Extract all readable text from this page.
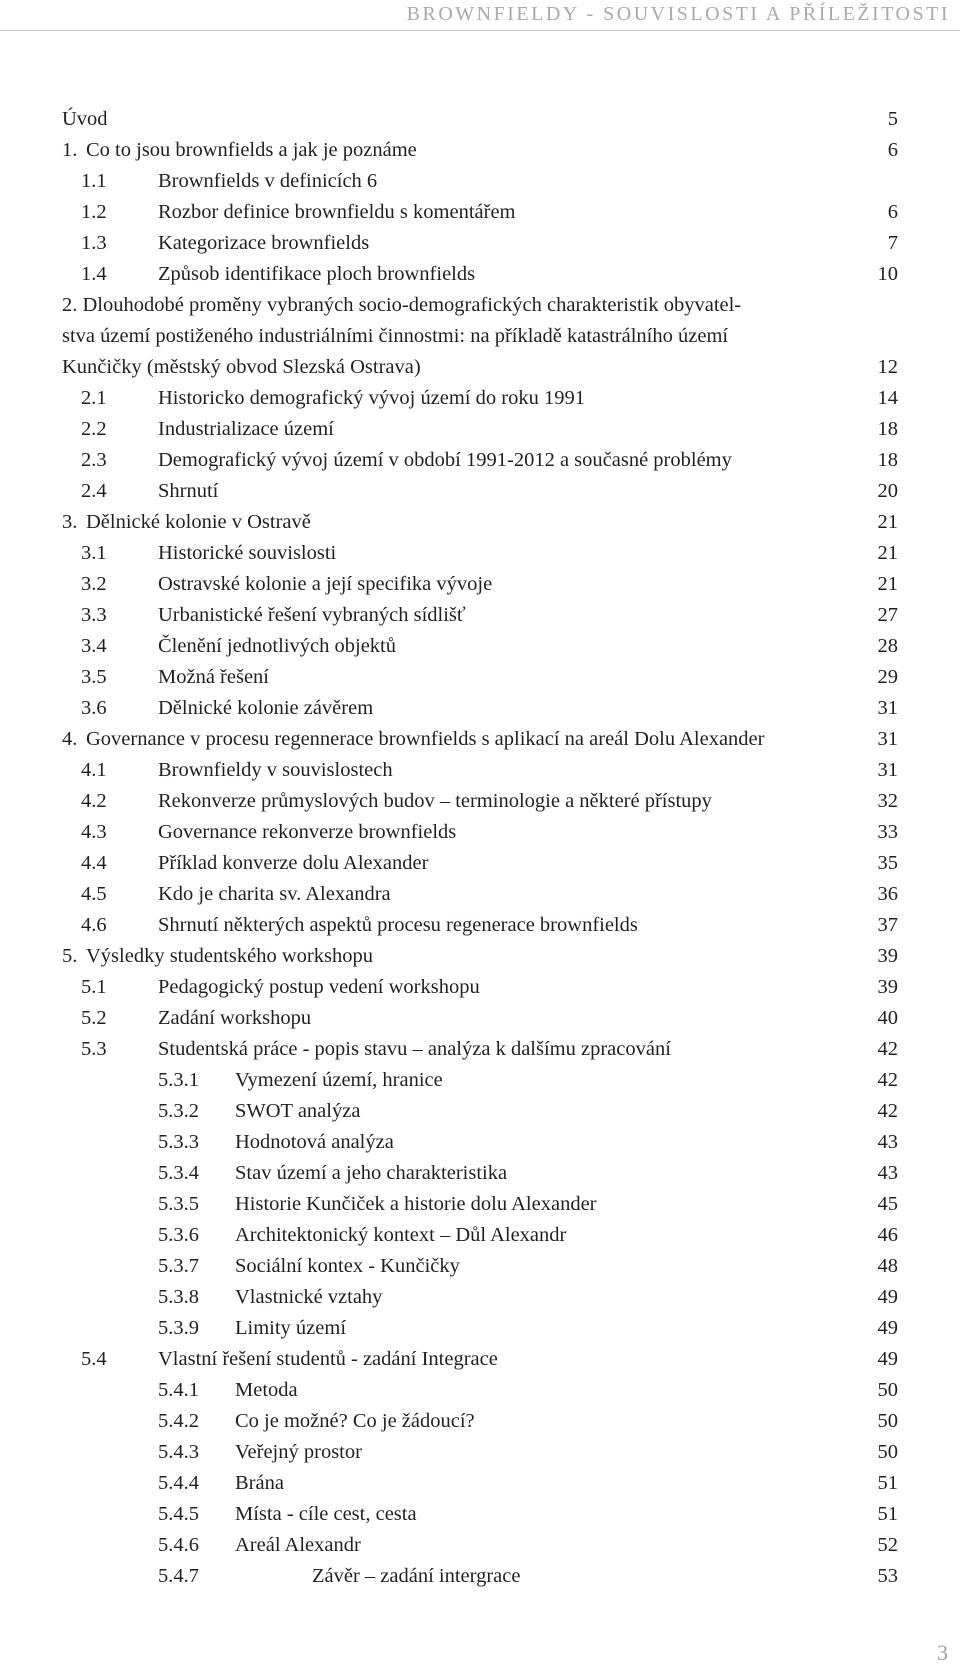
BROWNFIELDY - SOUVISLOSTI A PŘÍLEŽITOSTI
Úvod	5
1. Co to jsou brownfields a jak je poznáme	6
1.1	Brownfields v definicích 6
1.2	Rozbor definice brownfieldu s komentářem	6
1.3	Kategorizace brownfields	7
1.4	Způsob identifikace ploch brownfields	10
2. Dlouhodobé proměny vybraných socio-demografických charakteristik obyvatel-
stva území postiženého industriálními činnostmi: na příkladě katastrálního území
Kunčičky (městský obvod Slezská Ostrava)	12
2.1	Historicko demografický vývoj území do roku 1991	14
2.2	Industrializace území	18
2.3	Demografický vývoj území v období 1991-2012 a současné problémy	18
2.4	Shrnutí	20
3. Dělnické kolonie v Ostravě	21
3.1	Historické souvislosti	21
3.2	Ostravské kolonie a její specifika vývoje	21
3.3	Urbanistické řešení vybraných sídlišť	27
3.4	Členění jednotlivých objektů	28
3.5	Možná řešení	29
3.6	Dělnické kolonie závěrem	31
4. Governance v procesu regennerace brownfields s aplikací na areál Dolu Alexander	31
4.1	Brownfieldy v souvislostech	31
4.2	Rekonverze průmyslových budov – terminologie a některé přístupy	32
4.3	Governance rekonverze brownfields	33
4.4	Příklad konverze dolu Alexander	35
4.5	Kdo je charita sv. Alexandra	36
4.6	Shrnutí některých aspektů procesu regenerace brownfields	37
5. Výsledky studentského workshopu	39
5.1	Pedagogický postup vedení workshopu	39
5.2	Zadání workshopu	40
5.3	Studentská práce - popis stavu – analýza k dalšímu zpracování	42
5.3.1 Vymezení území, hranice	42
5.3.2 SWOT analýza	42
5.3.3 Hodnotová analýza	43
5.3.4 Stav území a jeho charakteristika	43
5.3.5 Historie Kunčiček a historie dolu Alexander	45
5.3.6 Architektonický kontext – Důl Alexandr	46
5.3.7 Sociální kontex - Kunčičky	48
5.3.8 Vlastnické vztahy	49
5.3.9 Limity území	49
5.4	Vlastní řešení studentů - zadání Integrace	49
5.4.1 Metoda	50
5.4.2 Co je možné? Co je žádoucí?	50
5.4.3 Veřejný prostor	50
5.4.4 Brána	51
5.4.5 Místa - cíle cest, cesta	51
5.4.6 Areál Alexandr	52
5.4.7	Závěr – zadání intergrace	53
3
